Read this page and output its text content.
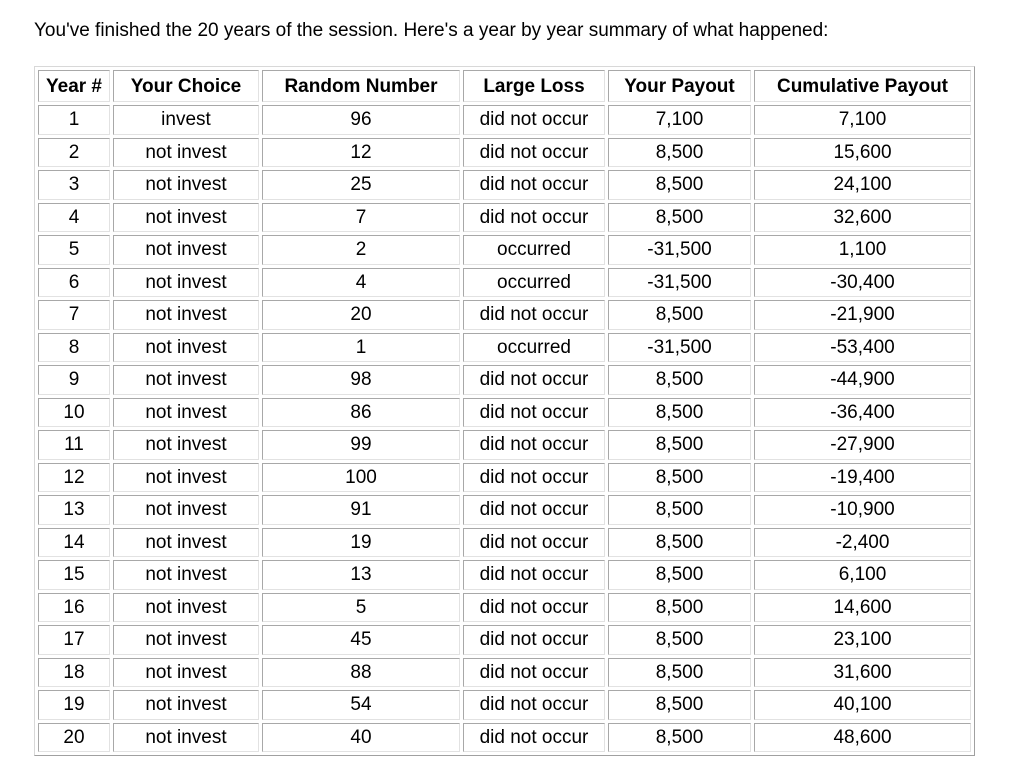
You've finished the 20 years of the session. Here's a year by year summary of what happened:

Year #	Your Choice	Random Number	Large Loss	Your Payout	Cumulative Payout
1	invest	96	did not occur	7,100	7,100
2	not invest	12	did not occur	8,500	15,600
3	not invest	25	did not occur	8,500	24,100
4	not invest	7	did not occur	8,500	32,600
5	not invest	2	occurred	-31,500	1,100
6	not invest	4	occurred	-31,500	-30,400
7	not invest	20	did not occur	8,500	-21,900
8	not invest	1	occurred	-31,500	-53,400
9	not invest	98	did not occur	8,500	-44,900
10	not invest	86	did not occur	8,500	-36,400
11	not invest	99	did not occur	8,500	-27,900
12	not invest	100	did not occur	8,500	-19,400
13	not invest	91	did not occur	8,500	-10,900
14	not invest	19	did not occur	8,500	-2,400
15	not invest	13	did not occur	8,500	6,100
16	not invest	5	did not occur	8,500	14,600
17	not invest	45	did not occur	8,500	23,100
18	not invest	88	did not occur	8,500	31,600
19	not invest	54	did not occur	8,500	40,100
20	not invest	40	did not occur	8,500	48,600
